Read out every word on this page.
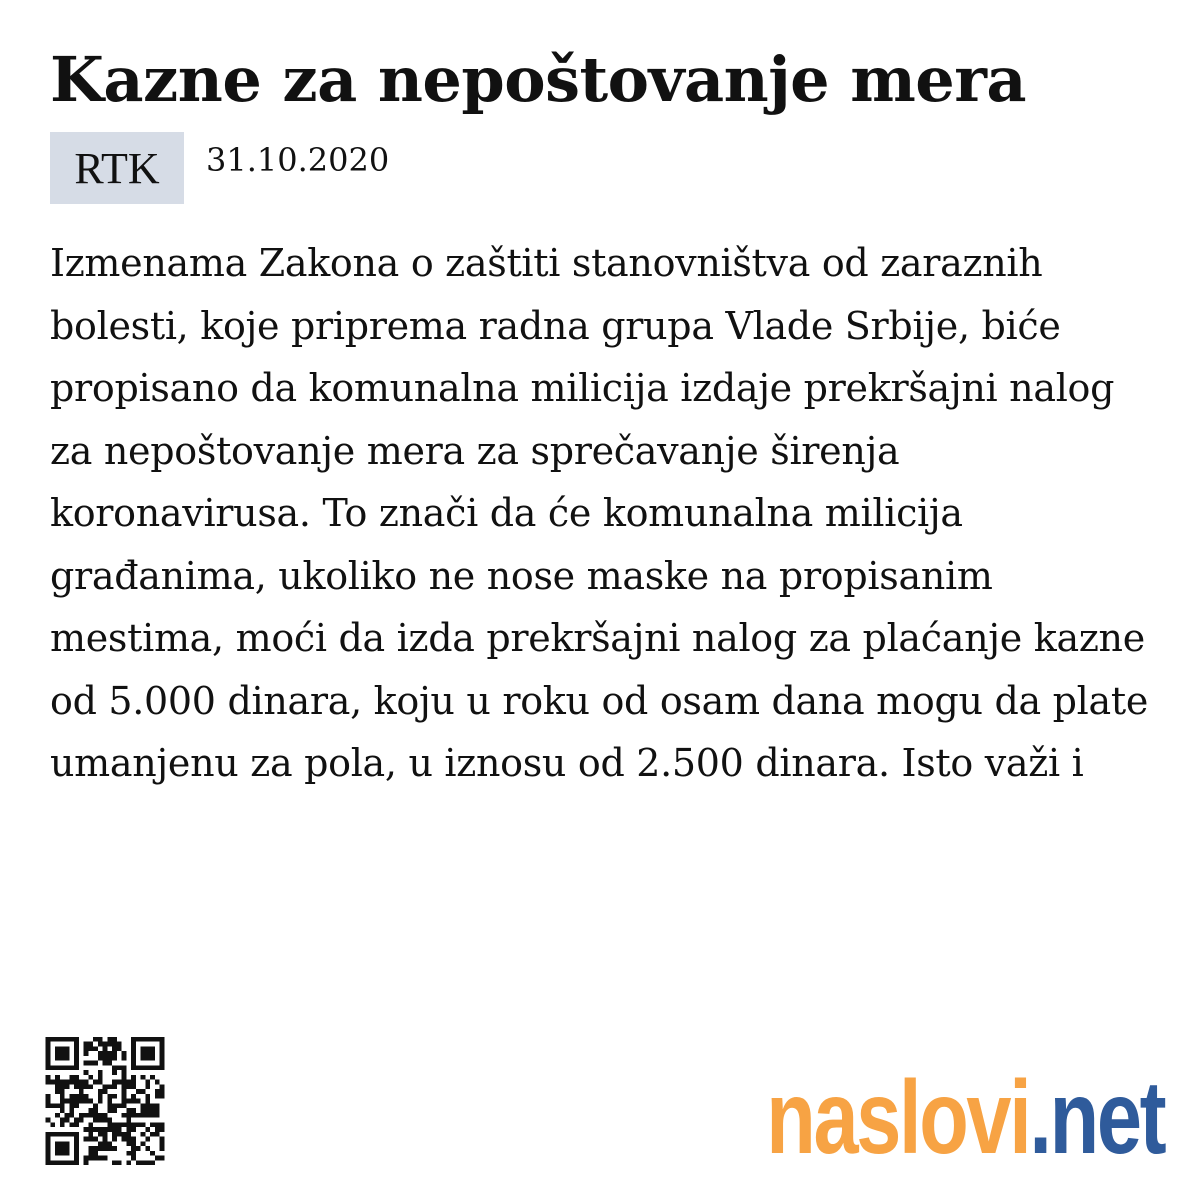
Kazne za nepoštovanje mera
RTK	31.10.2020

Izmenama Zakona o zaštiti stanovništva od zaraznih bolesti, koje priprema radna grupa Vlade Srbije, biće propisano da komunalna milicija izdaje prekršajni nalog za nepoštovanje mera za sprečavanje širenja koronavirusa. To znači da će komunalna milicija građanima, ukoliko ne nose maske na propisanim mestima, moći da izda prekršajni nalog za plaćanje kazne od 5.000 dinara, koju u roku od osam dana mogu da plate umanjenu za pola, u iznosu od 2.500 dinara. Isto važi i

naslovi .net
